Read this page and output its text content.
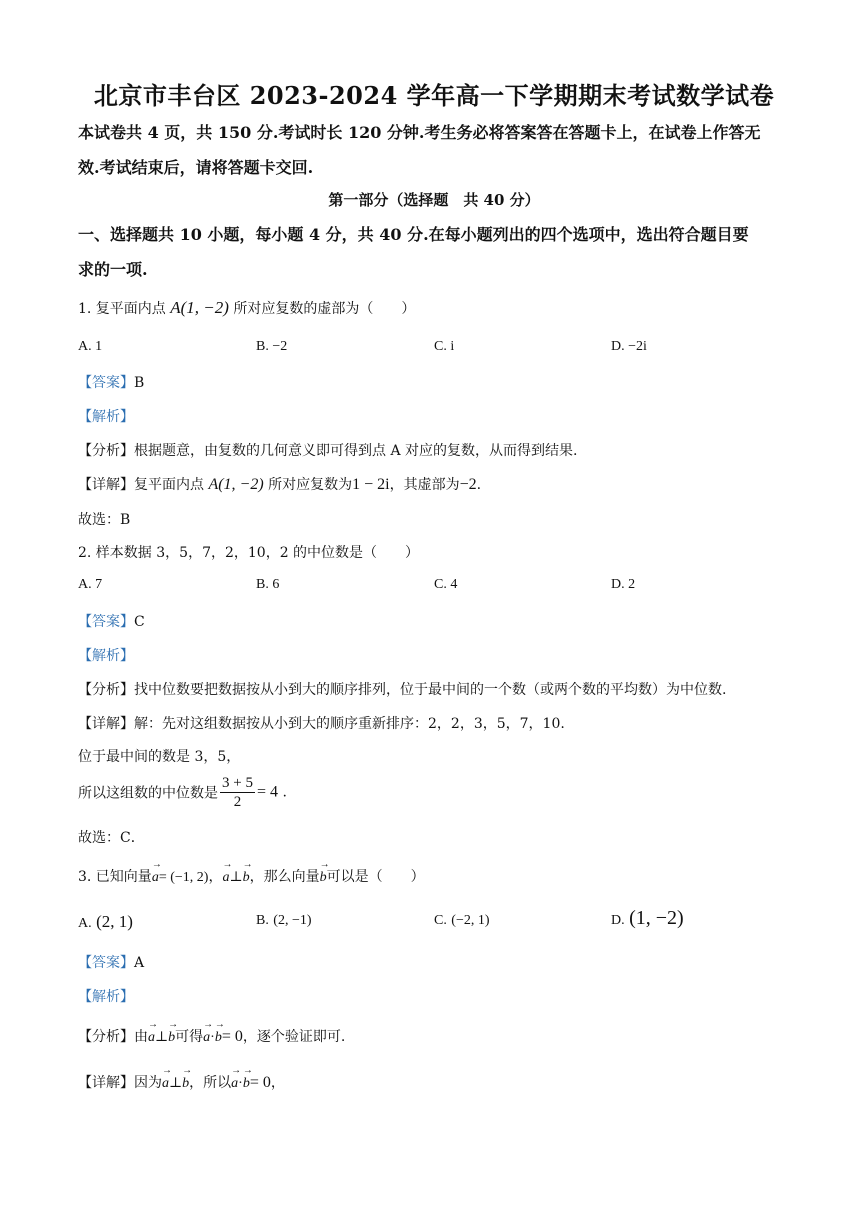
北京市丰台区 2023-2024 学年高一下学期期末考试数学试卷
本试卷共 4 页，共 150 分.考试时长 120 分钟.考生务必将答案答在答题卡上，在试卷上作答无
效.考试结束后，请将答题卡交回.
第一部分（选择题　共 40 分）
一、选择题共 10 小题，每小题 4 分，共 40 分.在每小题列出的四个选项中，选出符合题目要
求的一项.
1. 复平面内点 A(1, −2) 所对应复数的虚部为（　　）
A. 1	B. −2	C. i	D. −2i
【答案】B
【解析】
【分析】根据题意，由复数的几何意义即可得到点 A 对应的复数，从而得到结果.
【详解】复平面内点 A(1, −2) 所对应复数为1 − 2i，其虚部为−2.
故选：B
2. 样本数据 3，5，7，2，10，2 的中位数是（　　）
A. 7	B. 6	C. 4	D. 2
【答案】C
【解析】
【分析】找中位数要把数据按从小到大的顺序排列，位于最中间的一个数（或两个数的平均数）为中位数.
【详解】解：先对这组数据按从小到大的顺序重新排序：2，2，3，5，7，10.
位于最中间的数是 3，5，
所以这组数的中位数是 $\frac{3 + 5}{2} = 4$ .
故选：C．
3. 已知向量→ a= (−1, 2)，→ a⊥→ b，那么向量→ b可以是（　　）
A. (2, 1)	B. (2, −1)	C. (−2, 1)	D. (1, −2)
【答案】A
【解析】
【分析】由→ a⊥→ b可得→ a·→ b= 0，逐个验证即可.
【详解】因为→ a⊥→ b，所以→ a·→ b= 0，
